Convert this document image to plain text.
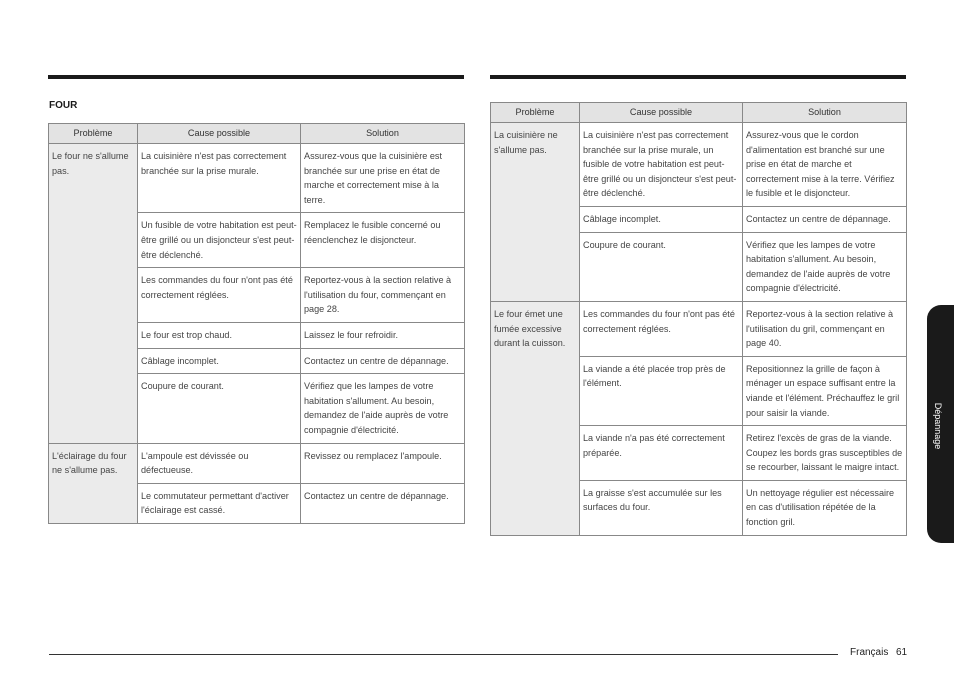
FOUR
Problème	Cause possible	Solution
Le four ne s'allume pas.	La cuisinière n'est pas correctement branchée sur la prise murale.	Assurez-vous que la cuisinière est branchée sur une prise en état de marche et correctement mise à la terre.
	Un fusible de votre habitation est peut-être grillé ou un disjoncteur s'est peut-être déclenché.	Remplacez le fusible concerné ou réenclenchez le disjoncteur.
	Les commandes du four n'ont pas été correctement réglées.	Reportez-vous à la section relative à l'utilisation du four, commençant en page 28.
	Le four est trop chaud.	Laissez le four refroidir.
	Câblage incomplet.	Contactez un centre de dépannage.
	Coupure de courant.	Vérifiez que les lampes de votre habitation s'allument. Au besoin, demandez de l'aide auprès de votre compagnie d'électricité.
L'éclairage du four ne s'allume pas.	L'ampoule est dévissée ou défectueuse.	Revissez ou remplacez l'ampoule.
	Le commutateur permettant d'activer l'éclairage est cassé.	Contactez un centre de dépannage.
Problème	Cause possible	Solution
La cuisinière ne s'allume pas.	La cuisinière n'est pas correctement branchée sur la prise murale, un fusible de votre habitation est peut-être grillé ou un disjoncteur s'est peut-être déclenché.	Assurez-vous que le cordon d'alimentation est branché sur une prise en état de marche et correctement mise à la terre. Vérifiez le fusible et le disjoncteur.
	Câblage incomplet.	Contactez un centre de dépannage.
	Coupure de courant.	Vérifiez que les lampes de votre habitation s'allument. Au besoin, demandez de l'aide auprès de votre compagnie d'électricité.
Le four émet une fumée excessive durant la cuisson.	Les commandes du four n'ont pas été correctement réglées.	Reportez-vous à la section relative à l'utilisation du gril, commençant en page 40.
	La viande a été placée trop près de l'élément.	Repositionnez la grille de façon à ménager un espace suffisant entre la viande et l'élément. Préchauffez le gril pour saisir la viande.
	La viande n'a pas été correctement préparée.	Retirez l'excès de gras de la viande. Coupez les bords gras susceptibles de se recourber, laissant le maigre intact.
	La graisse s'est accumulée sur les surfaces du four.	Un nettoyage régulier est nécessaire en cas d'utilisation répétée de la fonction gril.
Dépannage
Français 61
